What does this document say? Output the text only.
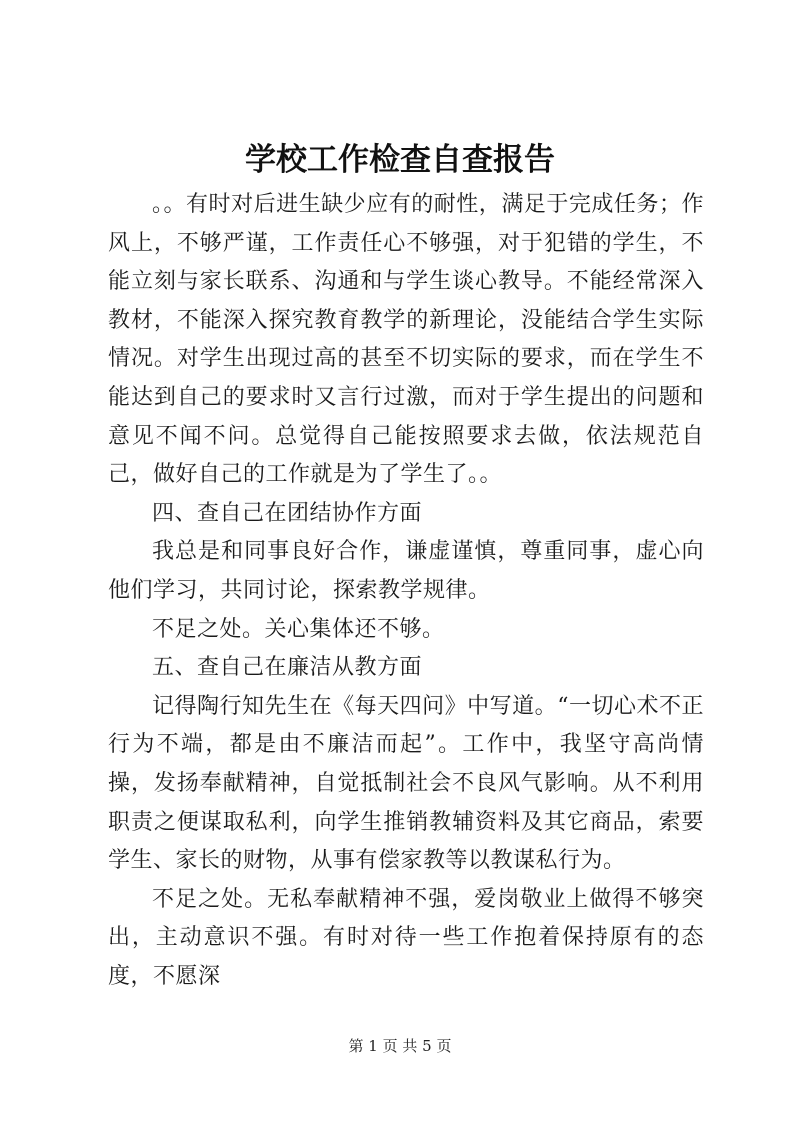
学校工作检查自查报告

。。有时对后进生缺少应有的耐性，满足于完成任务；作风上，不够严谨，工作责任心不够强，对于犯错的学生，不能立刻与家长联系、沟通和与学生谈心教导。不能经常深入教材，不能深入探究教育教学的新理论，没能结合学生实际情况。对学生出现过高的甚至不切实际的要求，而在学生不能达到自己的要求时又言行过激，而对于学生提出的问题和意见不闻不问。总觉得自己能按照要求去做，依法规范自己，做好自己的工作就是为了学生了。。

四、查自己在团结协作方面

我总是和同事良好合作，谦虚谨慎，尊重同事，虚心向他们学习，共同讨论，探索教学规律。

不足之处。关心集体还不够。

五、查自己在廉洁从教方面

记得陶行知先生在《每天四问》中写道。“一切心术不正行为不端，都是由不廉洁而起”。工作中，我坚守高尚情操，发扬奉献精神，自觉抵制社会不良风气影响。从不利用职责之便谋取私利，向学生推销教辅资料及其它商品，索要学生、家长的财物，从事有偿家教等以教谋私行为。

不足之处。无私奉献精神不强，爱岗敬业上做得不够突出，主动意识不强。有时对待一些工作抱着保持原有的态度，不愿深

第 1 页 共 5 页
